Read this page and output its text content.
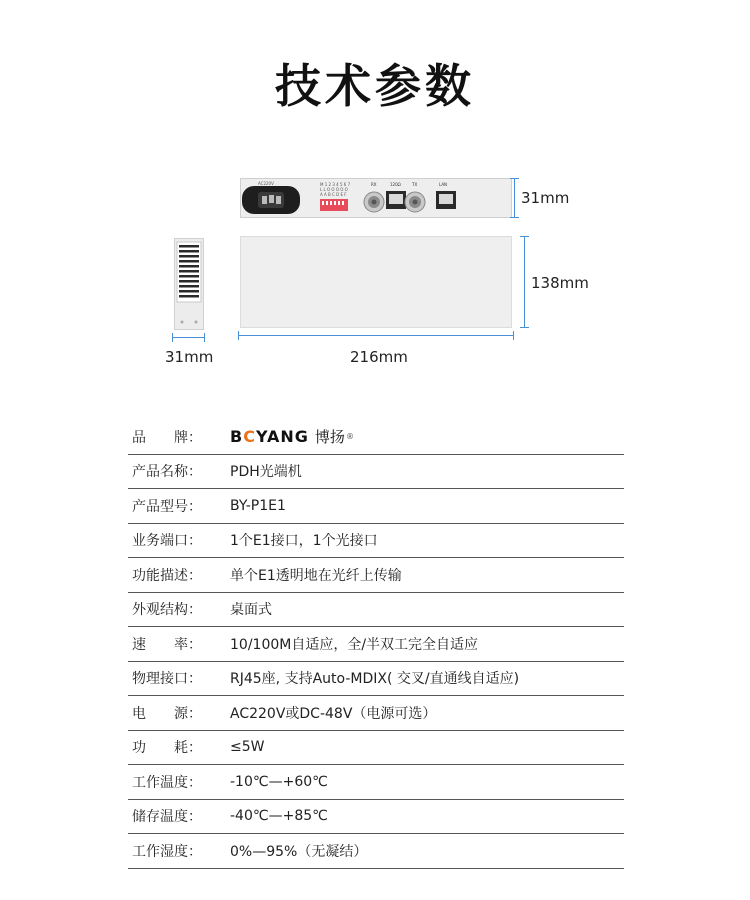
技术参数
AC220V	M 1 2 3 4 5 6 7
L L O O O O O
A A B C D E F
RX	120Ω	TX	LAN
31mm
138mm
31mm	216mm
品　　牌：	BCYANG 博扬 ®
产品名称：	PDH光端机
产品型号：	BY-P1E1
业务端口：	1个E1接口，1个光接口
功能描述：	单个E1透明地在光纤上传输
外观结构：	桌面式
速　　率：	10/100M自适应，全/半双工完全自适应
物理接口：	RJ45座, 支持Auto-MDIX( 交叉/直通线自适应)
电　　源：	AC220V或DC-48V（电源可选）
功　　耗：	≤5W
工作温度：	-10℃—+60℃
储存温度：	-40℃—+85℃
工作湿度：	0%—95%（无凝结）
